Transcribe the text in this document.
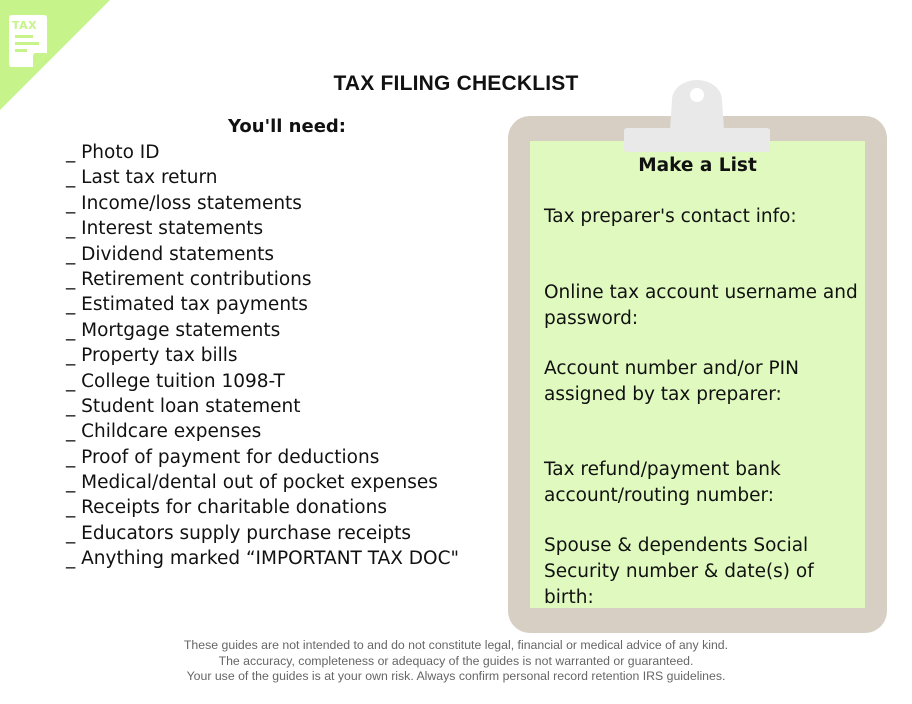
TAX
TAX FILING CHECKLIST
You'll need:
_ Photo ID
_ Last tax return
_ Income/loss statements
_ Interest statements
_ Dividend statements
_ Retirement contributions
_ Estimated tax payments
_ Mortgage statements
_ Property tax bills
_ College tuition 1098-T
_ Student loan statement
_ Childcare expenses
_ Proof of payment for deductions
_ Medical/dental out of pocket expenses
_ Receipts for charitable donations
_ Educators supply purchase receipts
_ Anything marked “IMPORTANT TAX DOC"
Make a List
Tax preparer's contact info:
Online tax account username and password:
Account number and/or PIN assigned by tax preparer:
Tax refund/payment bank account/routing number:
Spouse & dependents Social Security number & date(s) of birth:
These guides are not intended to and do not constitute legal, financial or medical advice of any kind.
The accuracy, completeness or adequacy of the guides is not warranted or guaranteed.
Your use of the guides is at your own risk. Always confirm personal record retention IRS guidelines.
